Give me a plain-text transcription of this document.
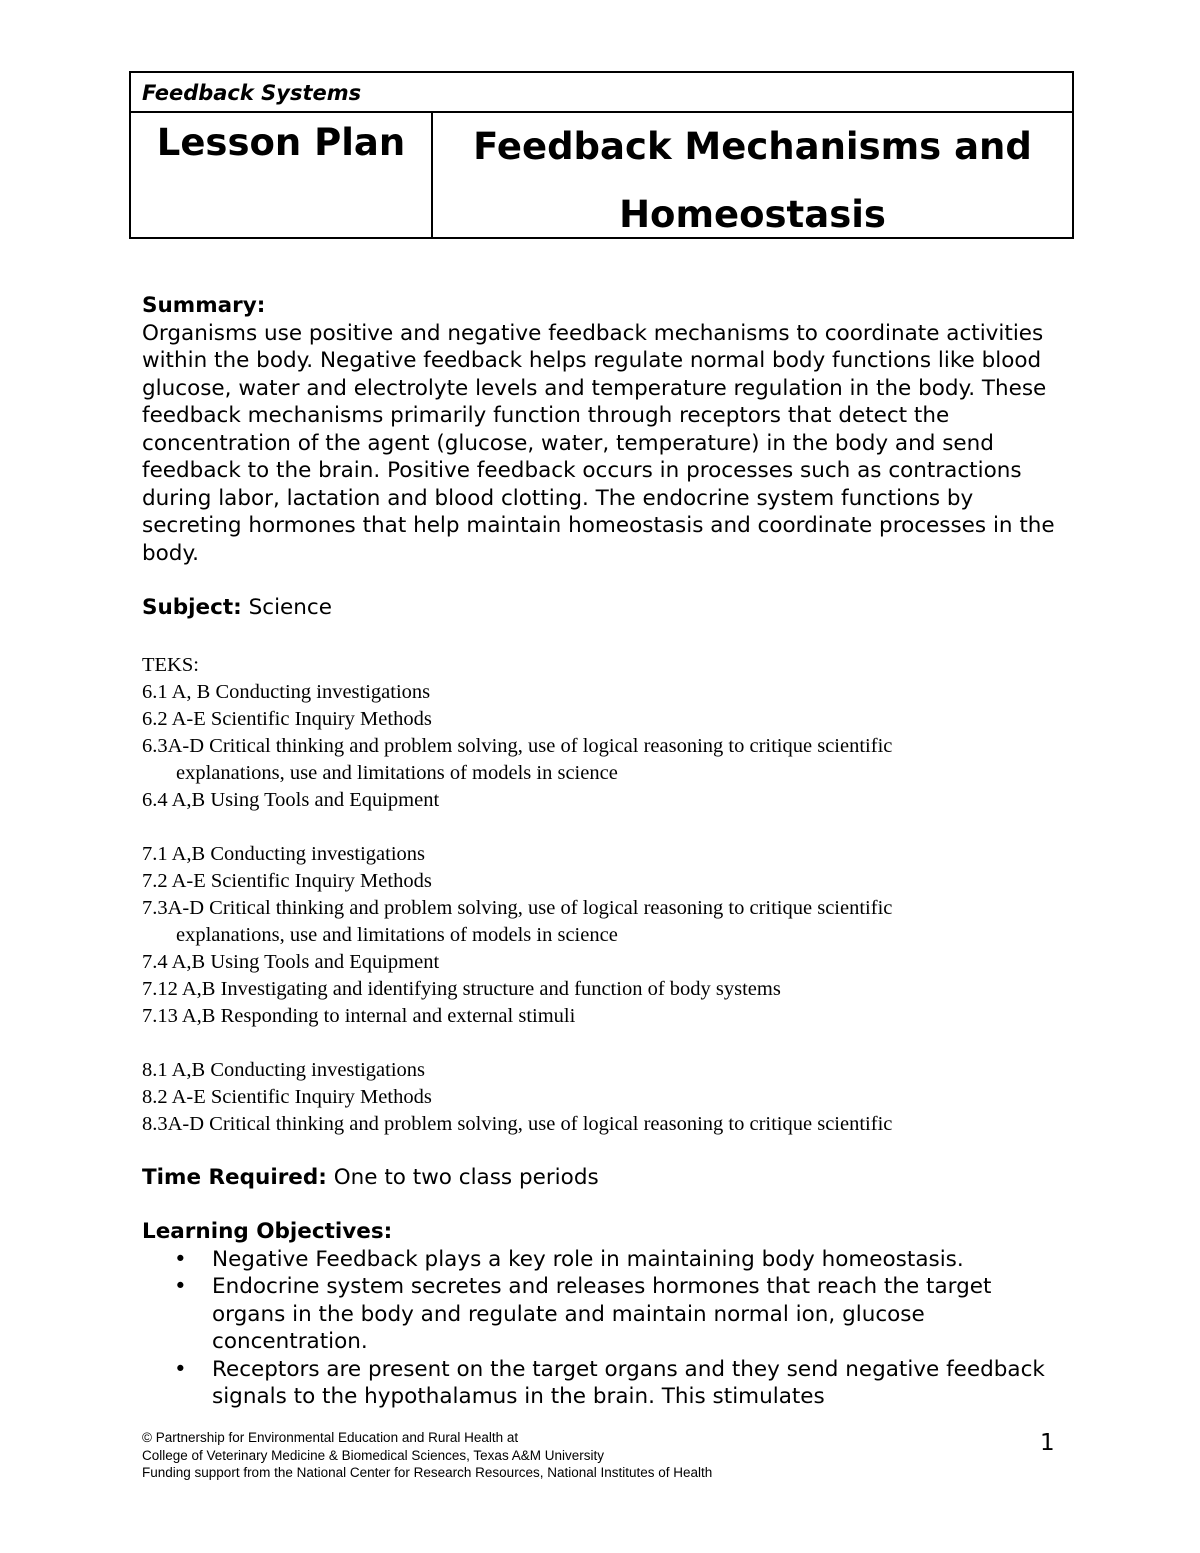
Feedback Systems
Lesson Plan	Feedback Mechanisms and
Homeostasis
Summary:

Organisms use positive and negative feedback mechanisms to coordinate activities within the body. Negative feedback helps regulate normal body functions like blood glucose, water and electrolyte levels and temperature regulation in the body. These feedback mechanisms primarily function through receptors that detect the concentration of the agent (glucose, water, temperature) in the body and send feedback to the brain. Positive feedback occurs in processes such as contractions during labor, lactation and blood clotting. The endocrine system functions by secreting hormones that help maintain homeostasis and coordinate processes in the body.

Subject: Science
TEKS:
6.1 A, B Conducting investigations
6.2 A-E Scientific Inquiry Methods
6.3A-D Critical thinking and problem solving, use of logical reasoning to critique scientific
explanations, use and limitations of models in science
6.4 A,B Using Tools and Equipment
7.1 A,B Conducting investigations
7.2 A-E Scientific Inquiry Methods
7.3A-D Critical thinking and problem solving, use of logical reasoning to critique scientific
explanations, use and limitations of models in science
7.4 A,B Using Tools and Equipment
7.12 A,B Investigating and identifying structure and function of body systems
7.13 A,B Responding to internal and external stimuli
8.1 A,B Conducting investigations
8.2 A-E Scientific Inquiry Methods
8.3A-D Critical thinking and problem solving, use of logical reasoning to critique scientific
Time Required: One to two class periods
Learning Objectives:
• Negative Feedback plays a key role in maintaining body homeostasis.
• Endocrine system secretes and releases hormones that reach the target organs in the body and regulate and maintain normal ion, glucose concentration.
• Receptors are present on the target organs and they send negative feedback signals to the hypothalamus in the brain. This stimulates
© Partnership for Environmental Education and Rural Health at
College of Veterinary Medicine & Biomedical Sciences, Texas A&M University
Funding support from the National Center for Research Resources, National Institutes of Health
1
